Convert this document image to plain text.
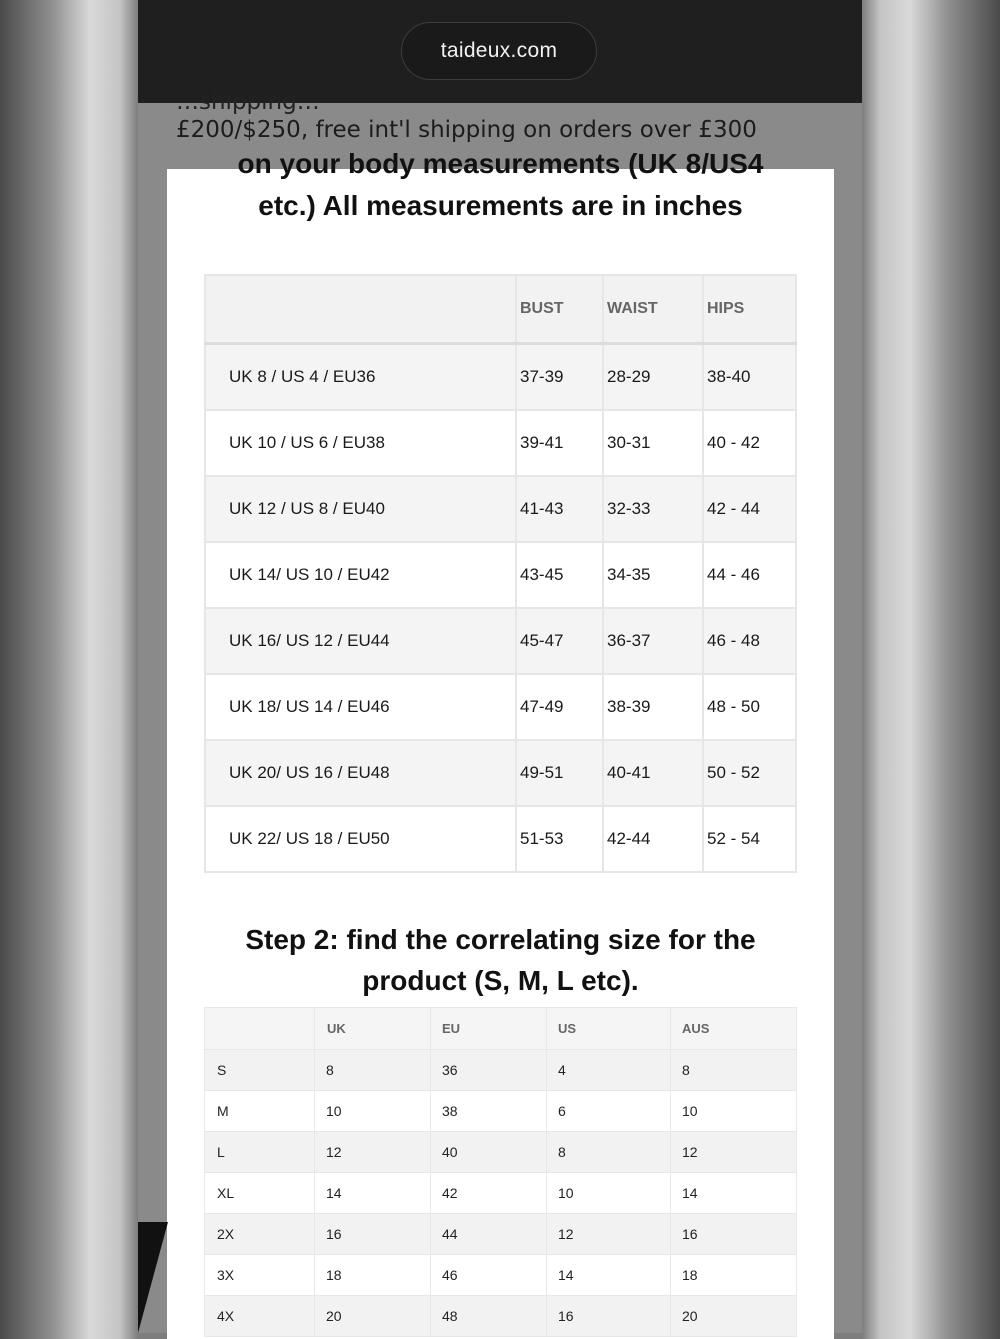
taideux.com
…shipping…
£200/$250, free int'l shipping on orders over £300
on your body measurements (UK 8/US4
etc.) All measurements are in inches
	BUST	WAIST	HIPS
UK 8 / US 4 / EU36	37-39	28-29	38-40
UK 10 / US 6 / EU38	39-41	30-31	40 - 42
UK 12 / US 8 / EU40	41-43	32-33	42 - 44
UK 14/ US 10 / EU42	43-45	34-35	44 - 46
UK 16/ US 12 / EU44	45-47	36-37	46 - 48
UK 18/ US 14 / EU46	47-49	38-39	48 - 50
UK 20/ US 16 / EU48	49-51	40-41	50 - 52
UK 22/ US 18 / EU50	51-53	42-44	52 - 54
Step 2: find the correlating size for the
product (S, M, L etc).
	UK	EU	US	AUS
S	8	36	4	8
M	10	38	6	10
L	12	40	8	12
XL	14	42	10	14
2X	16	44	12	16
3X	18	46	14	18
4X	20	48	16	20
